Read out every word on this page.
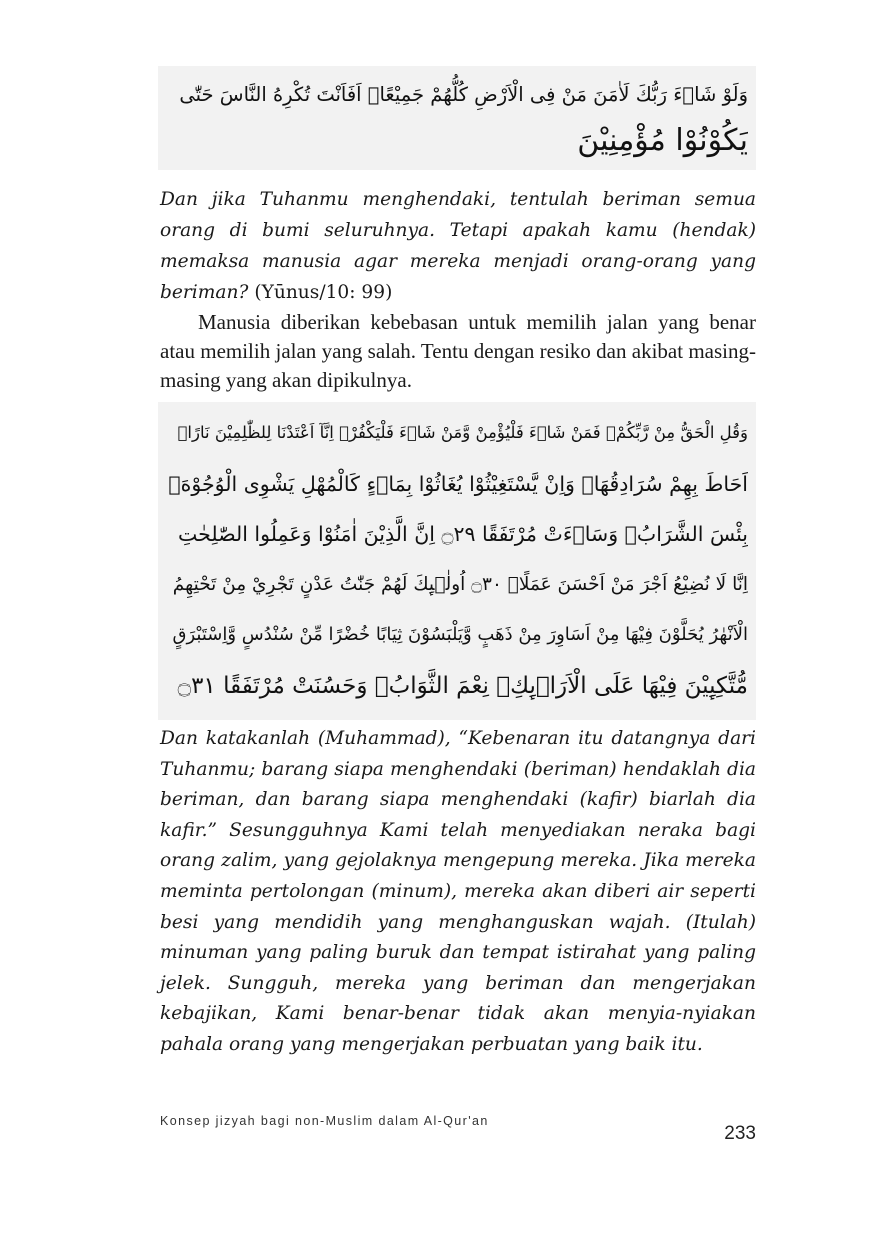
وَلَوْ شَاۤءَ رَبُّكَ لَاٰمَنَ مَنْ فِى الْاَرْضِ كُلُّهُمْ جَمِيْعًاۗ اَفَاَنْتَ تُكْرِهُ النَّاسَ حَتّٰى
يَكُوْنُوْا مُؤْمِنِيْنَ

Dan jika Tuhanmu menghendaki, tentulah beriman semua orang di bumi seluruhnya. Tetapi apakah kamu (hendak) memaksa manusia agar mereka menjadi orang-orang yang beriman? (Yūnus/10: 99)

Manusia diberikan kebebasan untuk memilih jalan yang benar atau memilih jalan yang salah. Tentu dengan resiko dan akibat masing-masing yang akan dipikulnya.

وَقُلِ الْحَقُّ مِنْ رَّبِّكُمْۗ فَمَنْ شَاۤءَ فَلْيُؤْمِنْ وَّمَنْ شَاۤءَ فَلْيَكْفُرْۚ اِنَّآ اَعْتَدْنَا لِلظّٰلِمِيْنَ نَارًاۙ
اَحَاطَ بِهِمْ سُرَادِقُهَاۗ وَاِنْ يَّسْتَغِيْثُوْا يُغَاثُوْا بِمَاۤءٍ كَالْمُهْلِ يَشْوِى الْوُجُوْهَۗ
بِئْسَ الشَّرَابُۗ وَسَاۤءَتْ مُرْتَفَقًا ۝٢٩ اِنَّ الَّذِيْنَ اٰمَنُوْا وَعَمِلُوا الصّٰلِحٰتِ
اِنَّا لَا نُضِيْعُ اَجْرَ مَنْ اَحْسَنَ عَمَلًاۚ ۝٣٠ اُولٰۤىِٕكَ لَهُمْ جَنّٰتُ عَدْنٍ تَجْرِيْ مِنْ تَحْتِهِمُ
الْاَنْهٰرُ يُحَلَّوْنَ فِيْهَا مِنْ اَسَاوِرَ مِنْ ذَهَبٍ وَّيَلْبَسُوْنَ ثِيَابًا خُضْرًا مِّنْ سُنْدُسٍ وَّاِسْتَبْرَقٍ
مُّتَّكِىِٕيْنَ فِيْهَا عَلَى الْاَرَاۤىِٕكِۗ نِعْمَ الثَّوَابُۗ وَحَسُنَتْ مُرْتَفَقًا ۝٣١

Dan katakanlah (Muhammad), “Kebenaran itu datangnya dari Tuhanmu; barang siapa menghendaki (beriman) hendaklah dia beriman, dan barang siapa menghendaki (kafir) biarlah dia kafir.” Sesungguhnya Kami telah menyediakan neraka bagi orang zalim, yang gejolaknya mengepung mereka. Jika mereka meminta pertolongan (minum), mereka akan diberi air seperti besi yang mendidih yang menghanguskan wajah. (Itulah) minuman yang paling buruk dan tempat istirahat yang paling jelek. Sungguh, mereka yang beriman dan mengerjakan kebajikan, Kami benar-benar tidak akan menyia-nyiakan pahala orang yang mengerjakan perbuatan yang baik itu.

Konsep jizyah bagi non-Muslim dalam Al-Qur'an
233
